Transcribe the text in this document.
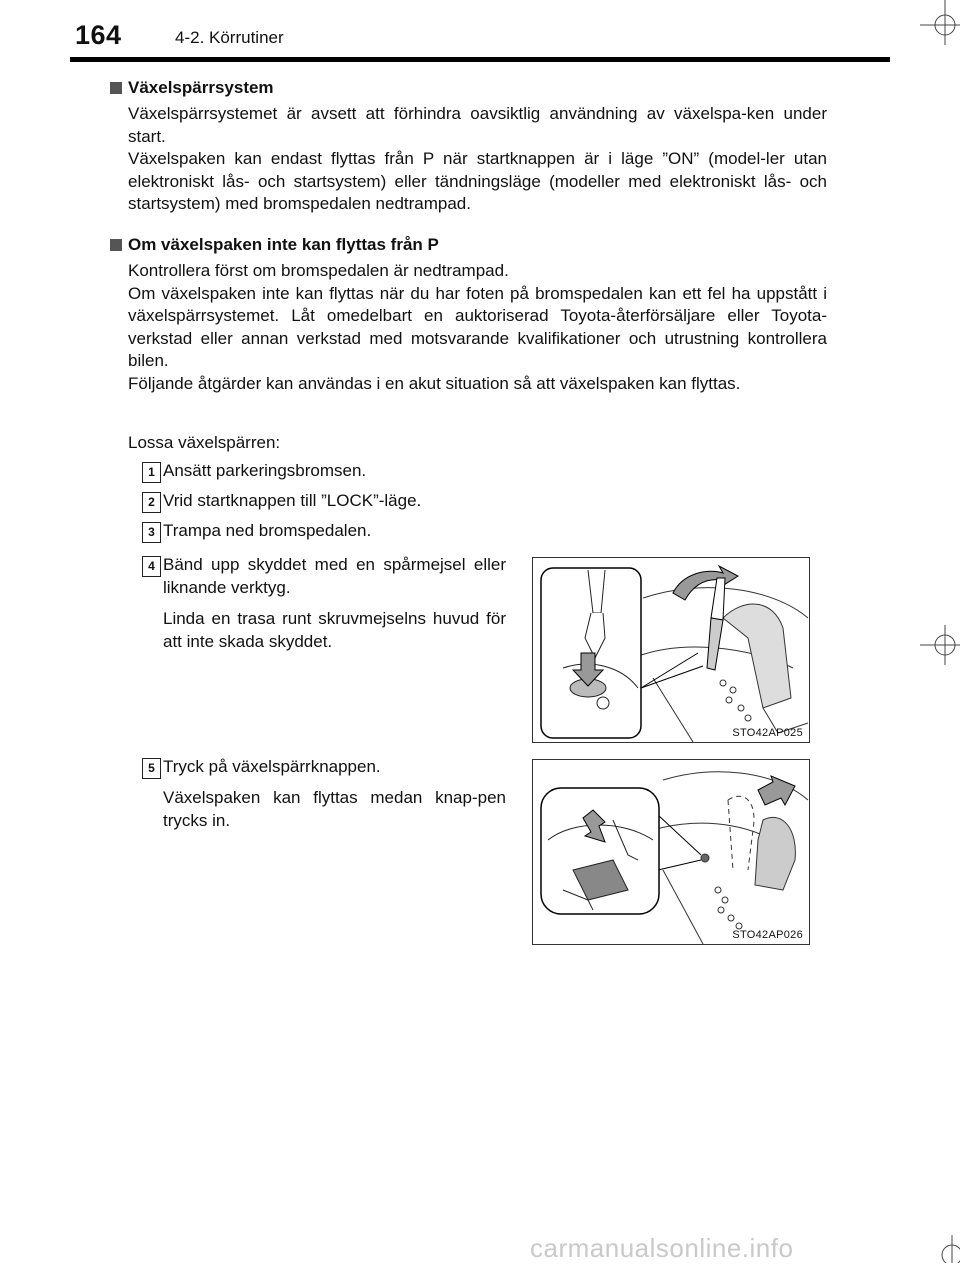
164	4-2. Körrutiner
Växelspärrsystem

Växelspärrsystemet är avsett att förhindra oavsiktlig användning av växelspa-ken under start.

Växelspaken kan endast flyttas från P när startknappen är i läge ”ON” (model-ler utan elektroniskt lås- och startsystem) eller tändningsläge (modeller med elektroniskt lås- och startsystem) med bromspedalen nedtrampad.

Om växelspaken inte kan flyttas från P

Kontrollera först om bromspedalen är nedtrampad.

Om växelspaken inte kan flyttas när du har foten på bromspedalen kan ett fel ha uppstått i växelspärrsystemet. Låt omedelbart en auktoriserad Toyota-återförsäljare eller Toyota-verkstad eller annan verkstad med motsvarande kvalifikationer och utrustning kontrollera bilen.

Följande åtgärder kan användas i en akut situation så att växelspaken kan flyttas.

Lossa växelspärren:
1 Ansätt parkeringsbromsen.
2 Vrid startknappen till ”LOCK”-läge.
3 Trampa ned bromspedalen.
4 Bänd upp skyddet med en spårmejsel eller liknande verktyg.
Linda en trasa runt skruvmejselns huvud för att inte skada skyddet.
STO42AP025
5 Tryck på växelspärrknappen.
Växelspaken kan flyttas medan knap-pen trycks in.
STO42AP026
carmanualsonline.info
